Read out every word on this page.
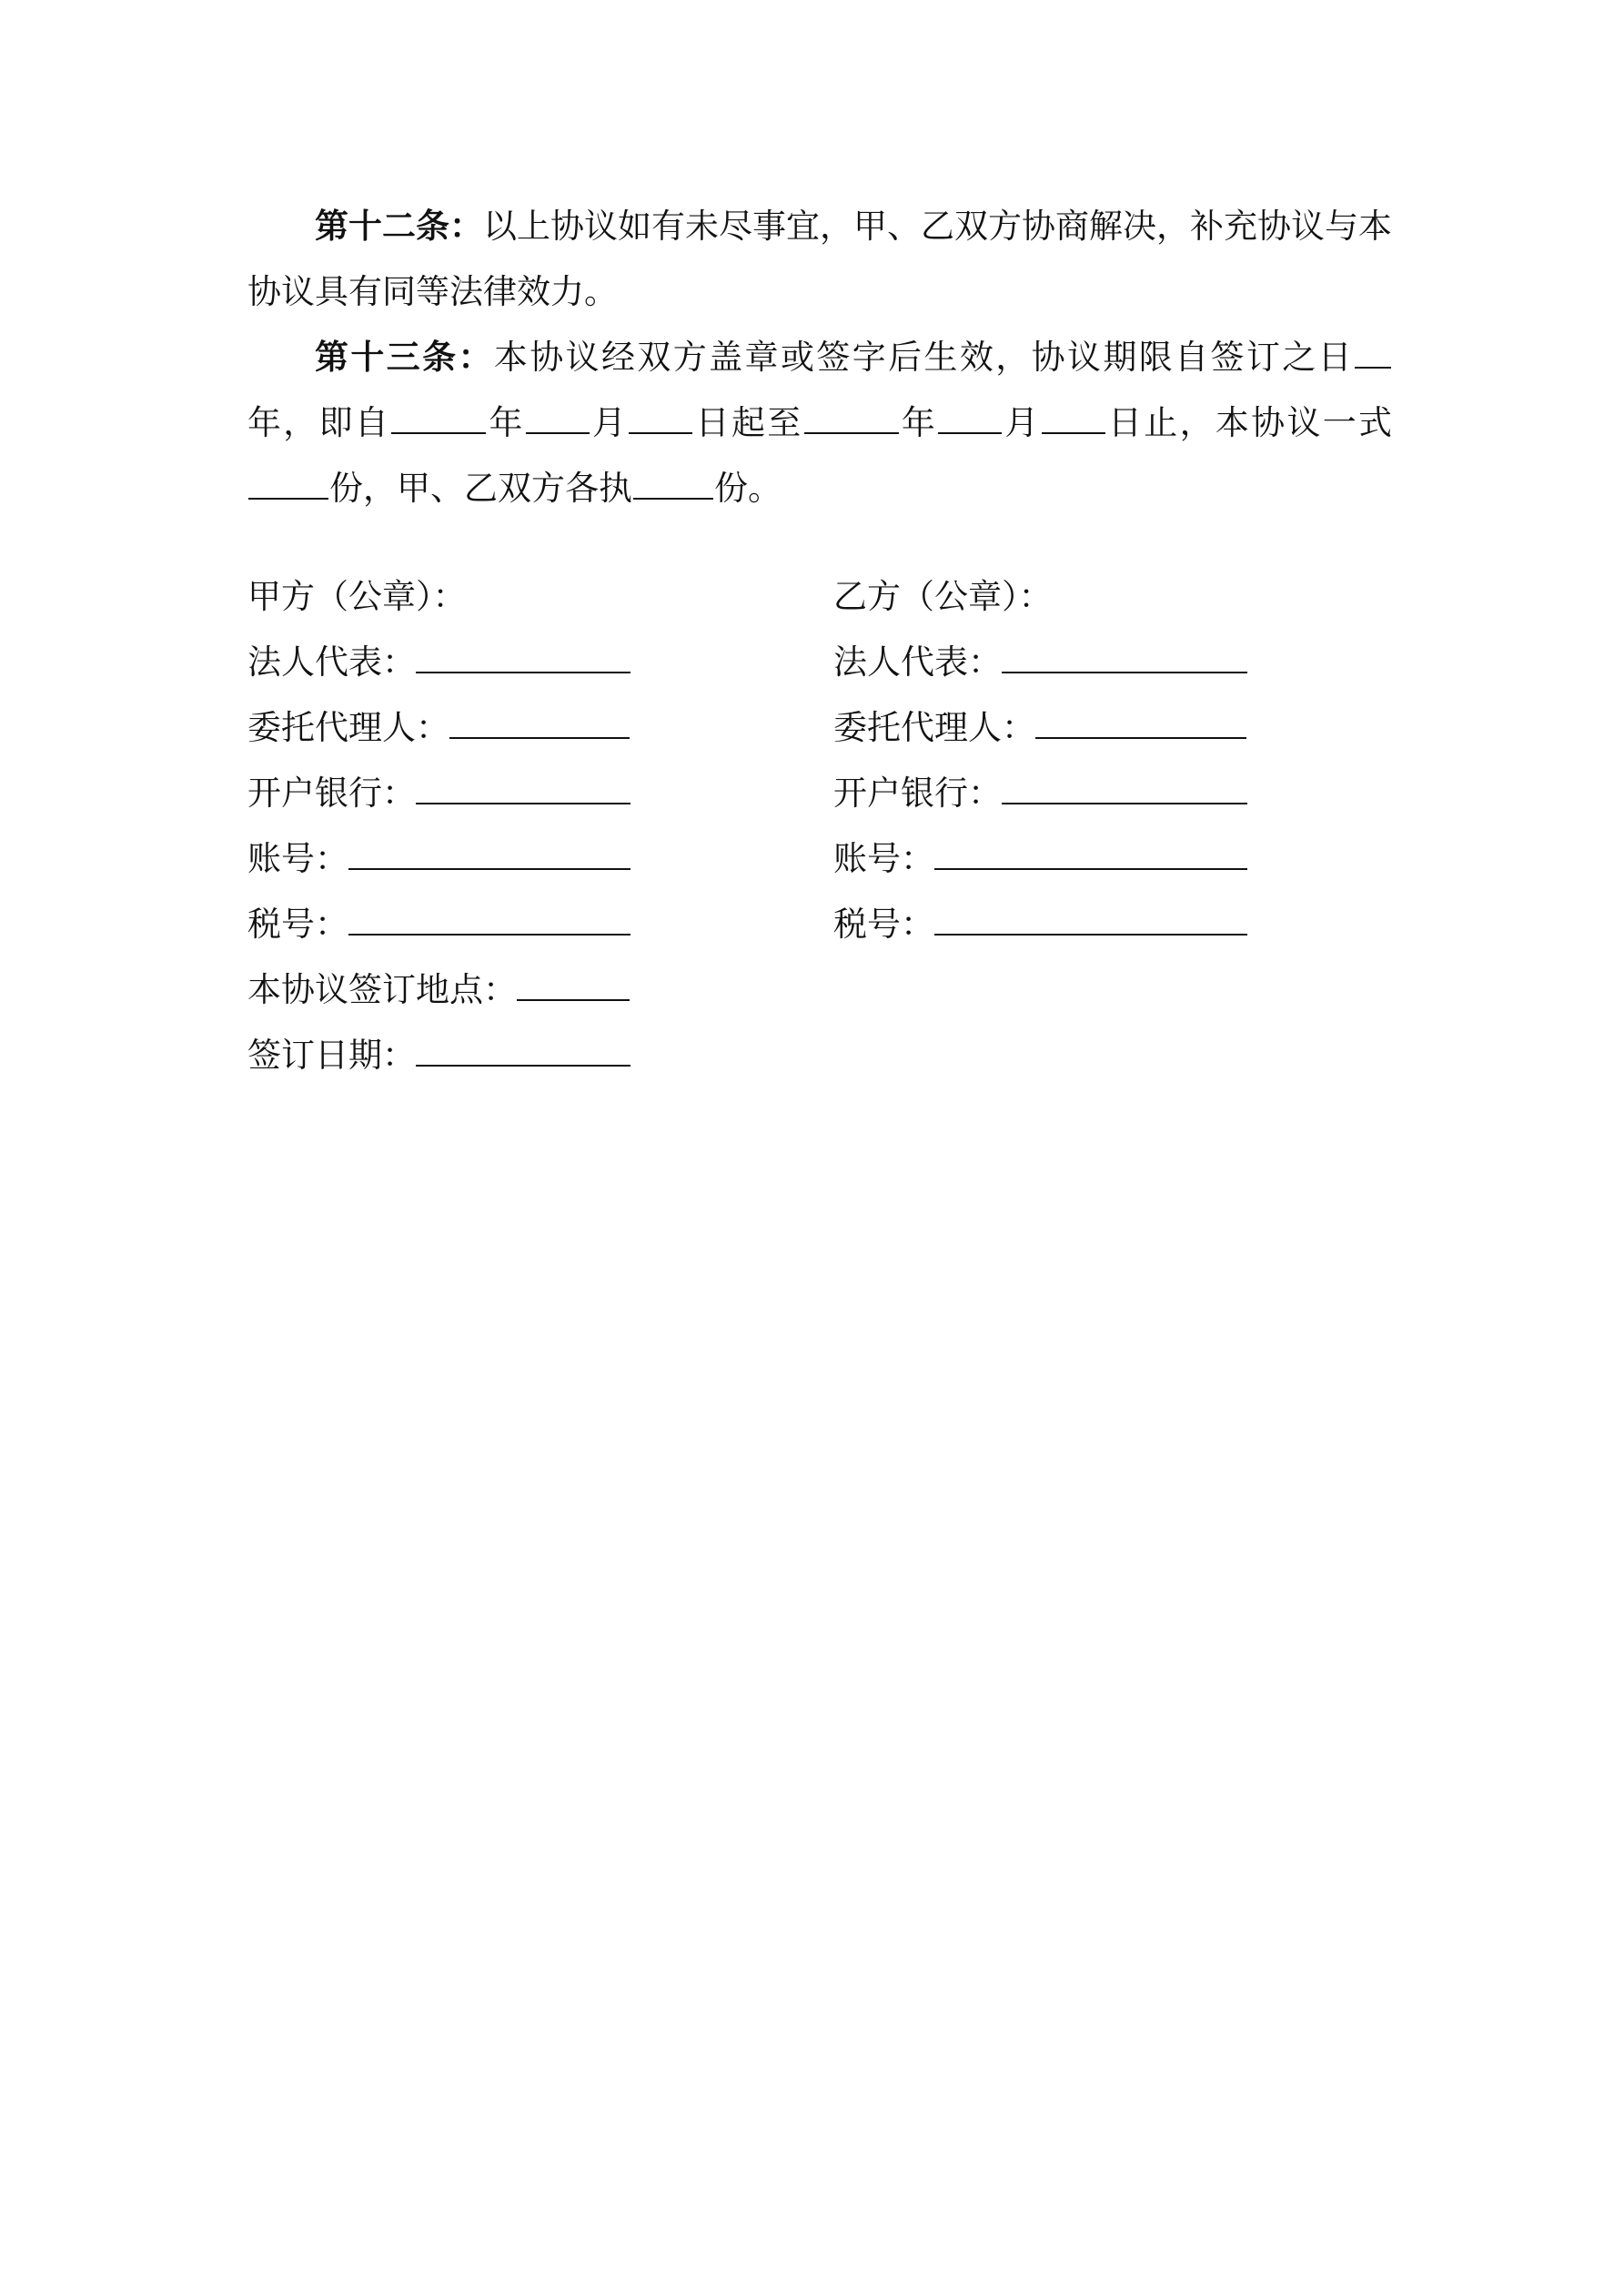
第十二条：以上协议如有未尽事宜，甲、乙双方协商解决，补充协议与本协议具有同等法律效力。
第十三条：本协议经双方盖章或签字后生效，协议期限自签订之日年，即自	年 月 日起至	年 月 日止，本协议一式份，甲、乙双方各执 份。
甲方（公章）：
法人代表：
委托代理人：
开户银行：
账号：
税号：
本协议签订地点：
签订日期：
乙方（公章）：
法人代表：
委托代理人：
开户银行：
账号：
税号：
